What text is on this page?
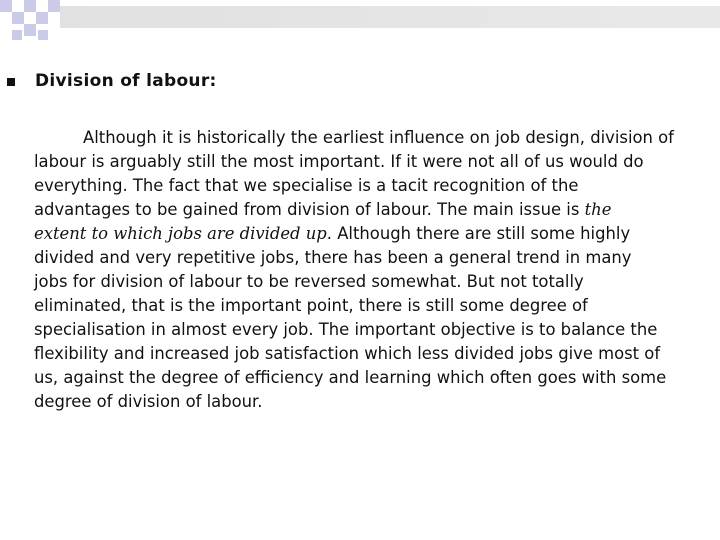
Division of labour:
Although it is historically the earliest influence on job design, division of
labour is arguably still the most important. If it were not all of us would do
everything. The fact that we specialise is a tacit recognition of the
advantages to be gained from division of labour. The main issue is the
extent to which jobs are divided up. Although there are still some highly
divided and very repetitive jobs, there has been a general trend in many
jobs for division of labour to be reversed somewhat. But not totally
eliminated, that is the important point, there is still some degree of
specialisation in almost every job. The important objective is to balance the
flexibility and increased job satisfaction which less divided jobs give most of
us, against the degree of efficiency and learning which often goes with some
degree of division of labour.
